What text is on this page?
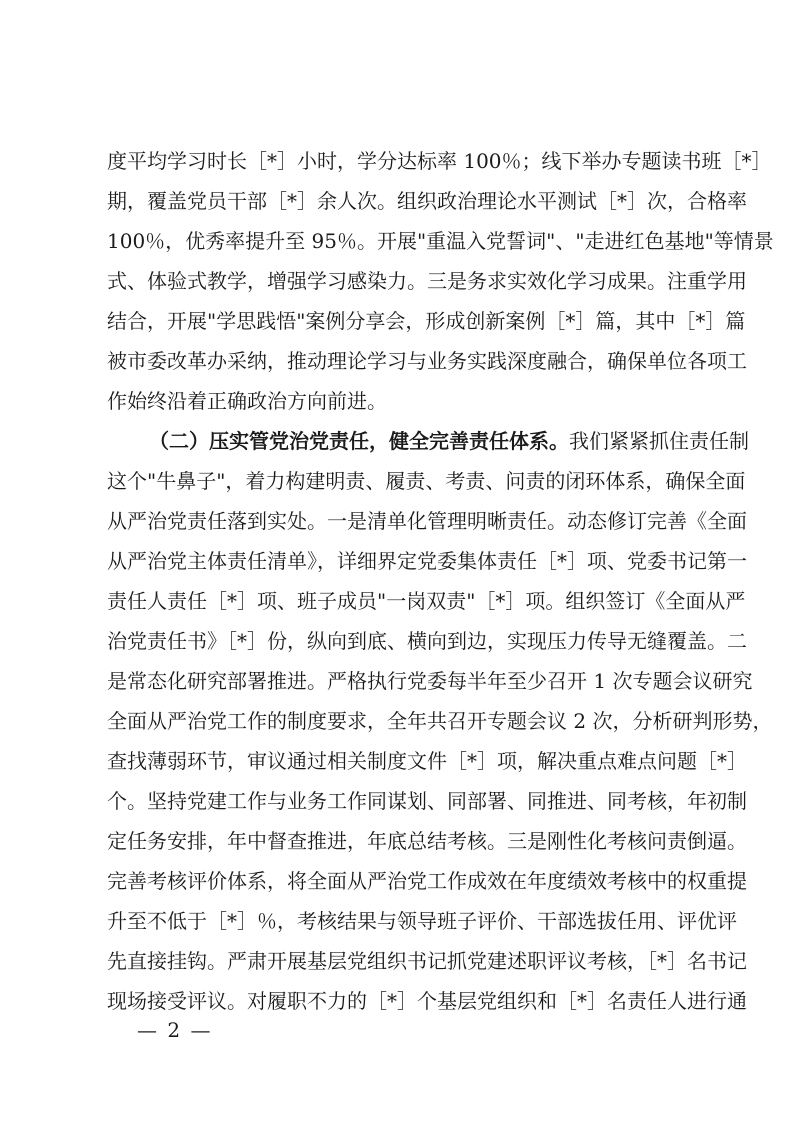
度平均学习时长［*］小时，学分达标率 100％；线下举办专题读书班［*］
期，覆盖党员干部［*］余人次。组织政治理论水平测试［*］次，合格率
100％，优秀率提升至 95％。开展"重温入党誓词"、"走进红色基地"等情景
式、体验式教学，增强学习感染力。三是务求实效化学习成果。注重学用
结合，开展"学思践悟"案例分享会，形成创新案例［*］篇，其中［*］篇
被市委改革办采纳，推动理论学习与业务实践深度融合，确保单位各项工
作始终沿着正确政治方向前进。
（二）压实管党治党责任，健全完善责任体系。我们紧紧抓住责任制
这个"牛鼻子"，着力构建明责、履责、考责、问责的闭环体系，确保全面
从严治党责任落到实处。一是清单化管理明晰责任。动态修订完善《全面
从严治党主体责任清单》，详细界定党委集体责任［*］项、党委书记第一
责任人责任［*］项、班子成员"一岗双责"［*］项。组织签订《全面从严
治党责任书》［*］份，纵向到底、横向到边，实现压力传导无缝覆盖。二
是常态化研究部署推进。严格执行党委每半年至少召开 1 次专题会议研究
全面从严治党工作的制度要求，全年共召开专题会议 2 次，分析研判形势，
查找薄弱环节，审议通过相关制度文件［*］项，解决重点难点问题［*］
个。坚持党建工作与业务工作同谋划、同部署、同推进、同考核，年初制
定任务安排，年中督查推进，年底总结考核。三是刚性化考核问责倒逼。
完善考核评价体系，将全面从严治党工作成效在年度绩效考核中的权重提
升至不低于［*］％，考核结果与领导班子评价、干部选拔任用、评优评
先直接挂钩。严肃开展基层党组织书记抓党建述职评议考核，［*］名书记
现场接受评议。对履职不力的［*］个基层党组织和［*］名责任人进行通
— 2 —
